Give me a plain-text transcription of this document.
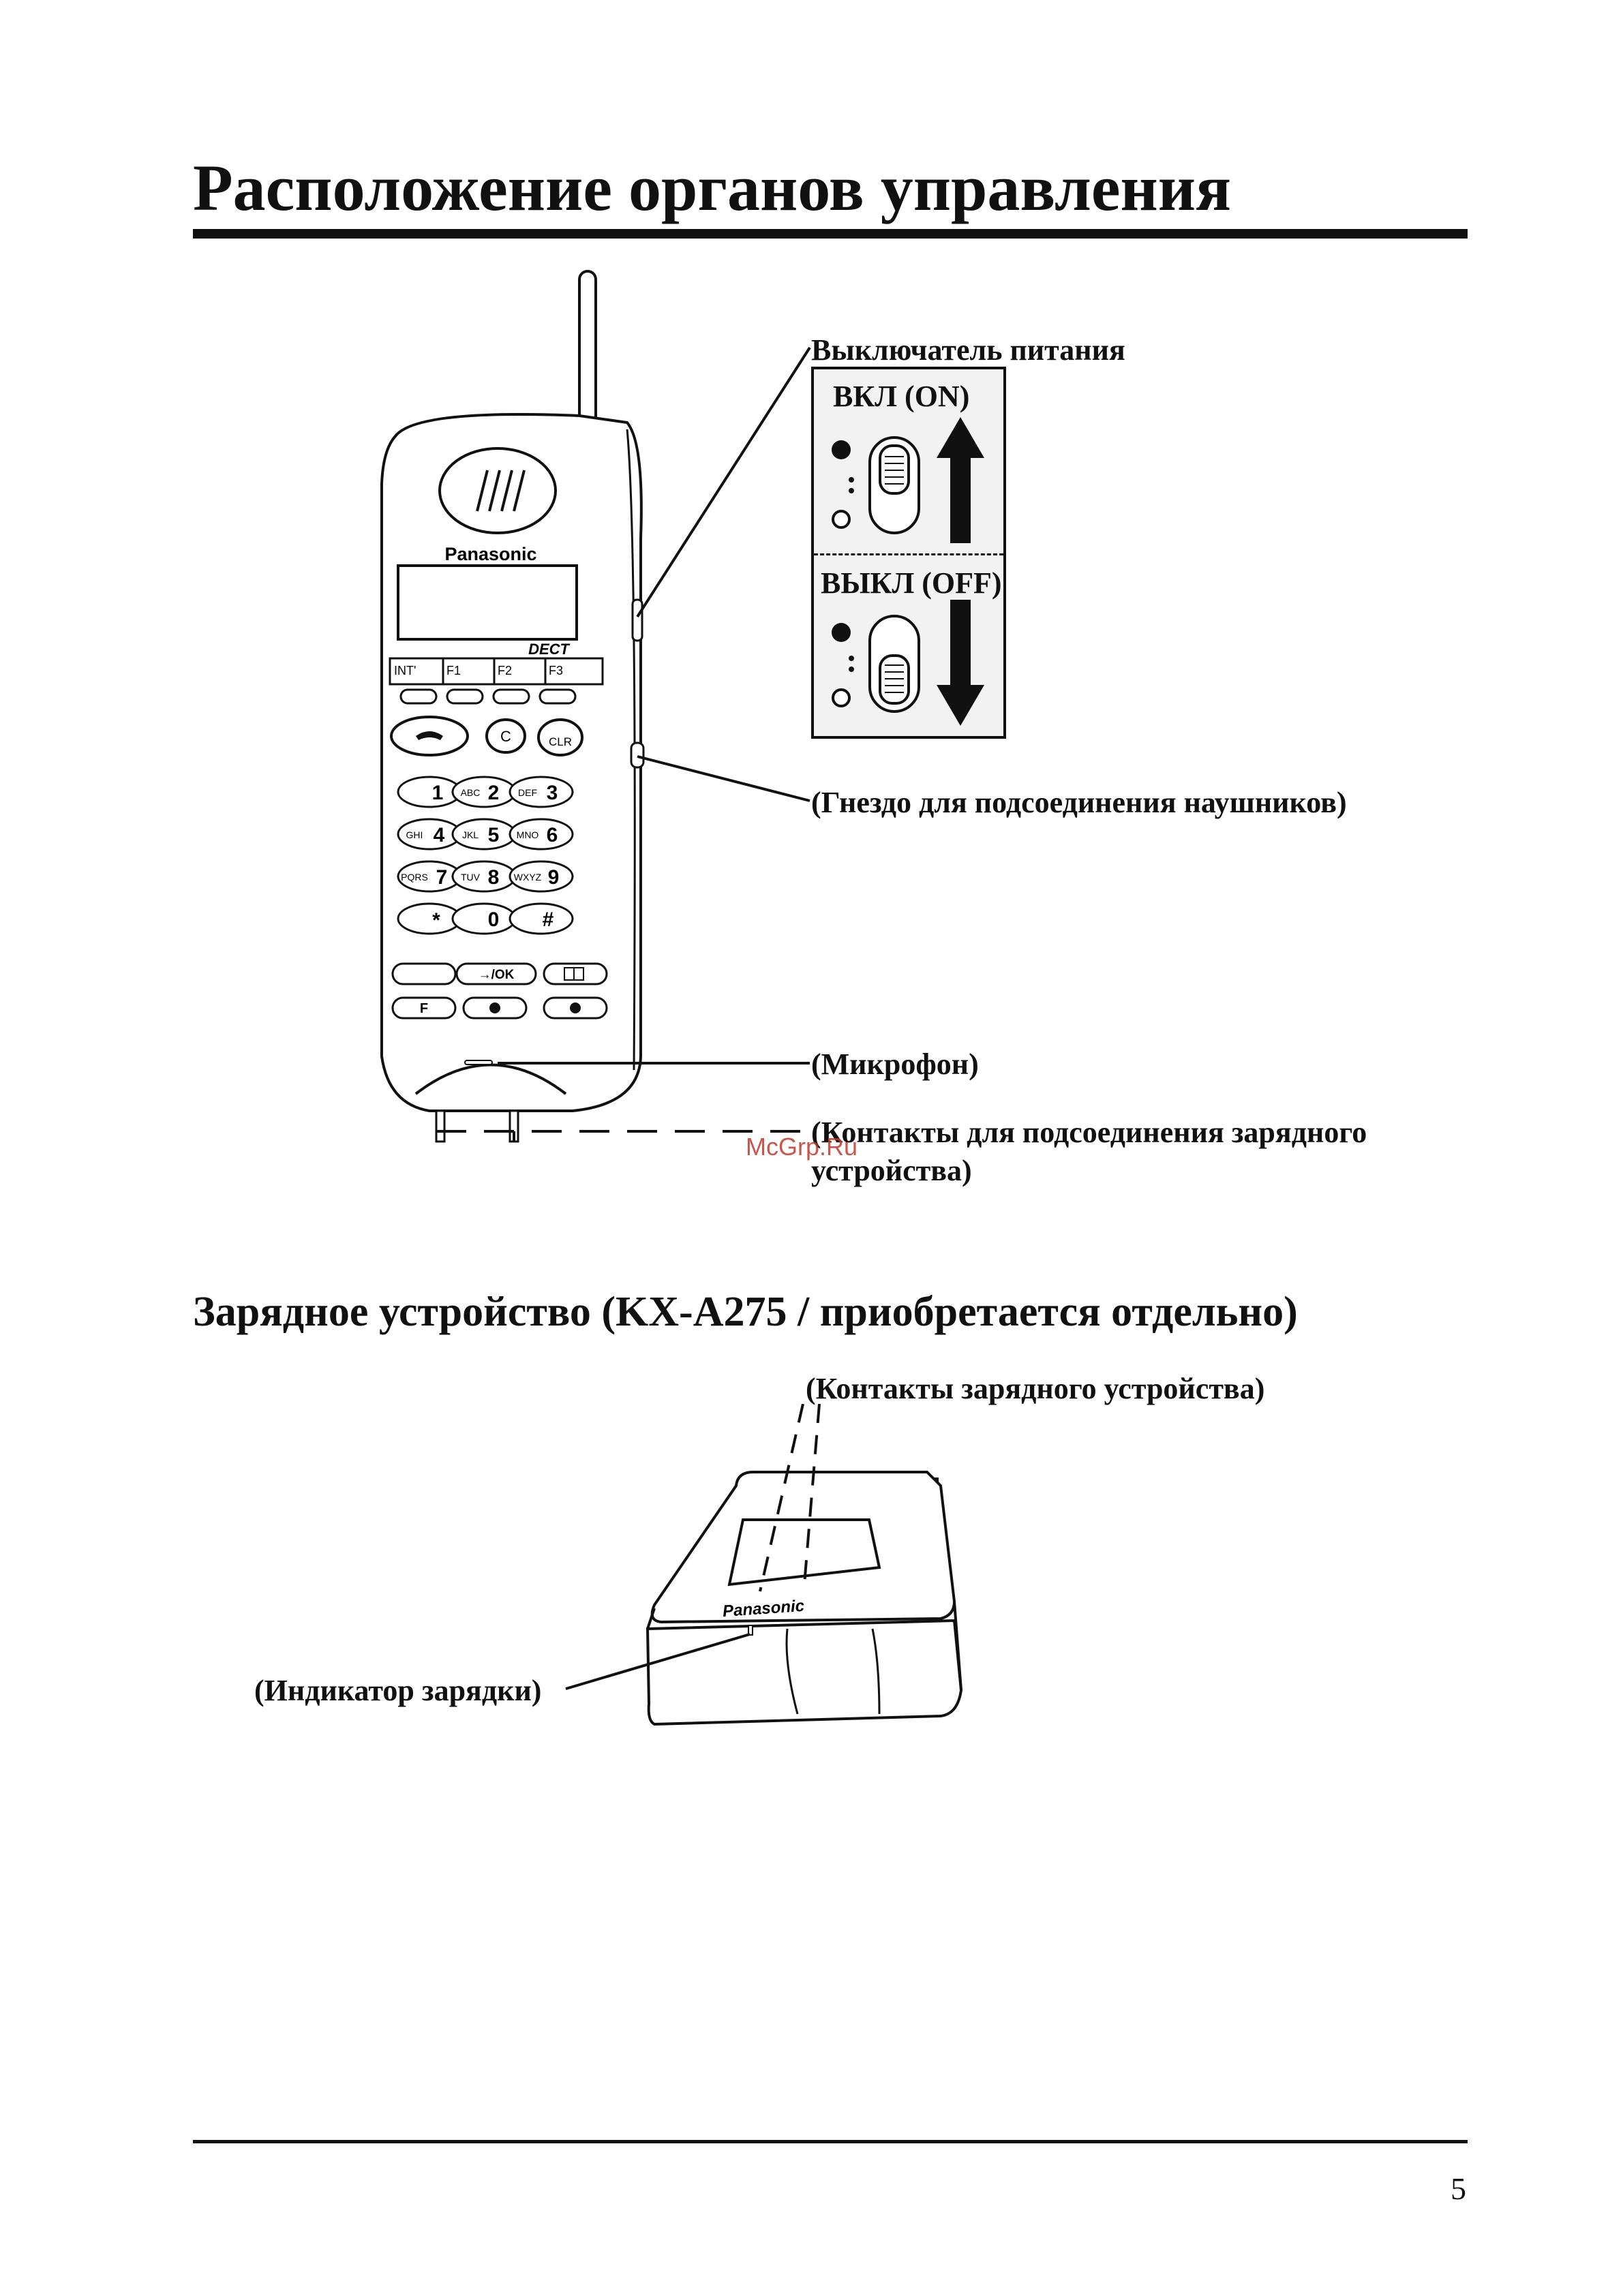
Расположение органов управления
Panasonic
DECT
INT' F1	F2	F3
C	CLR
1 ABC 2 DEF 3
GHI 4 JKL 5 MNO 6
PQRS 7 TUV 8 WXYZ 9
* 0 #
→/OK
F
Выключатель питания
ВКЛ (ON)
ВЫКЛ (OFF)
(Гнездо для подсоединения наушников)
(Микрофон)
(Контакты для подсоединения зарядного
устройства)
McGrp.Ru
Зарядное устройство (KX-A275 / приобретается отдельно)
(Контакты зарядного устройства)
(Индикатор зарядки)
Panasonic
5
